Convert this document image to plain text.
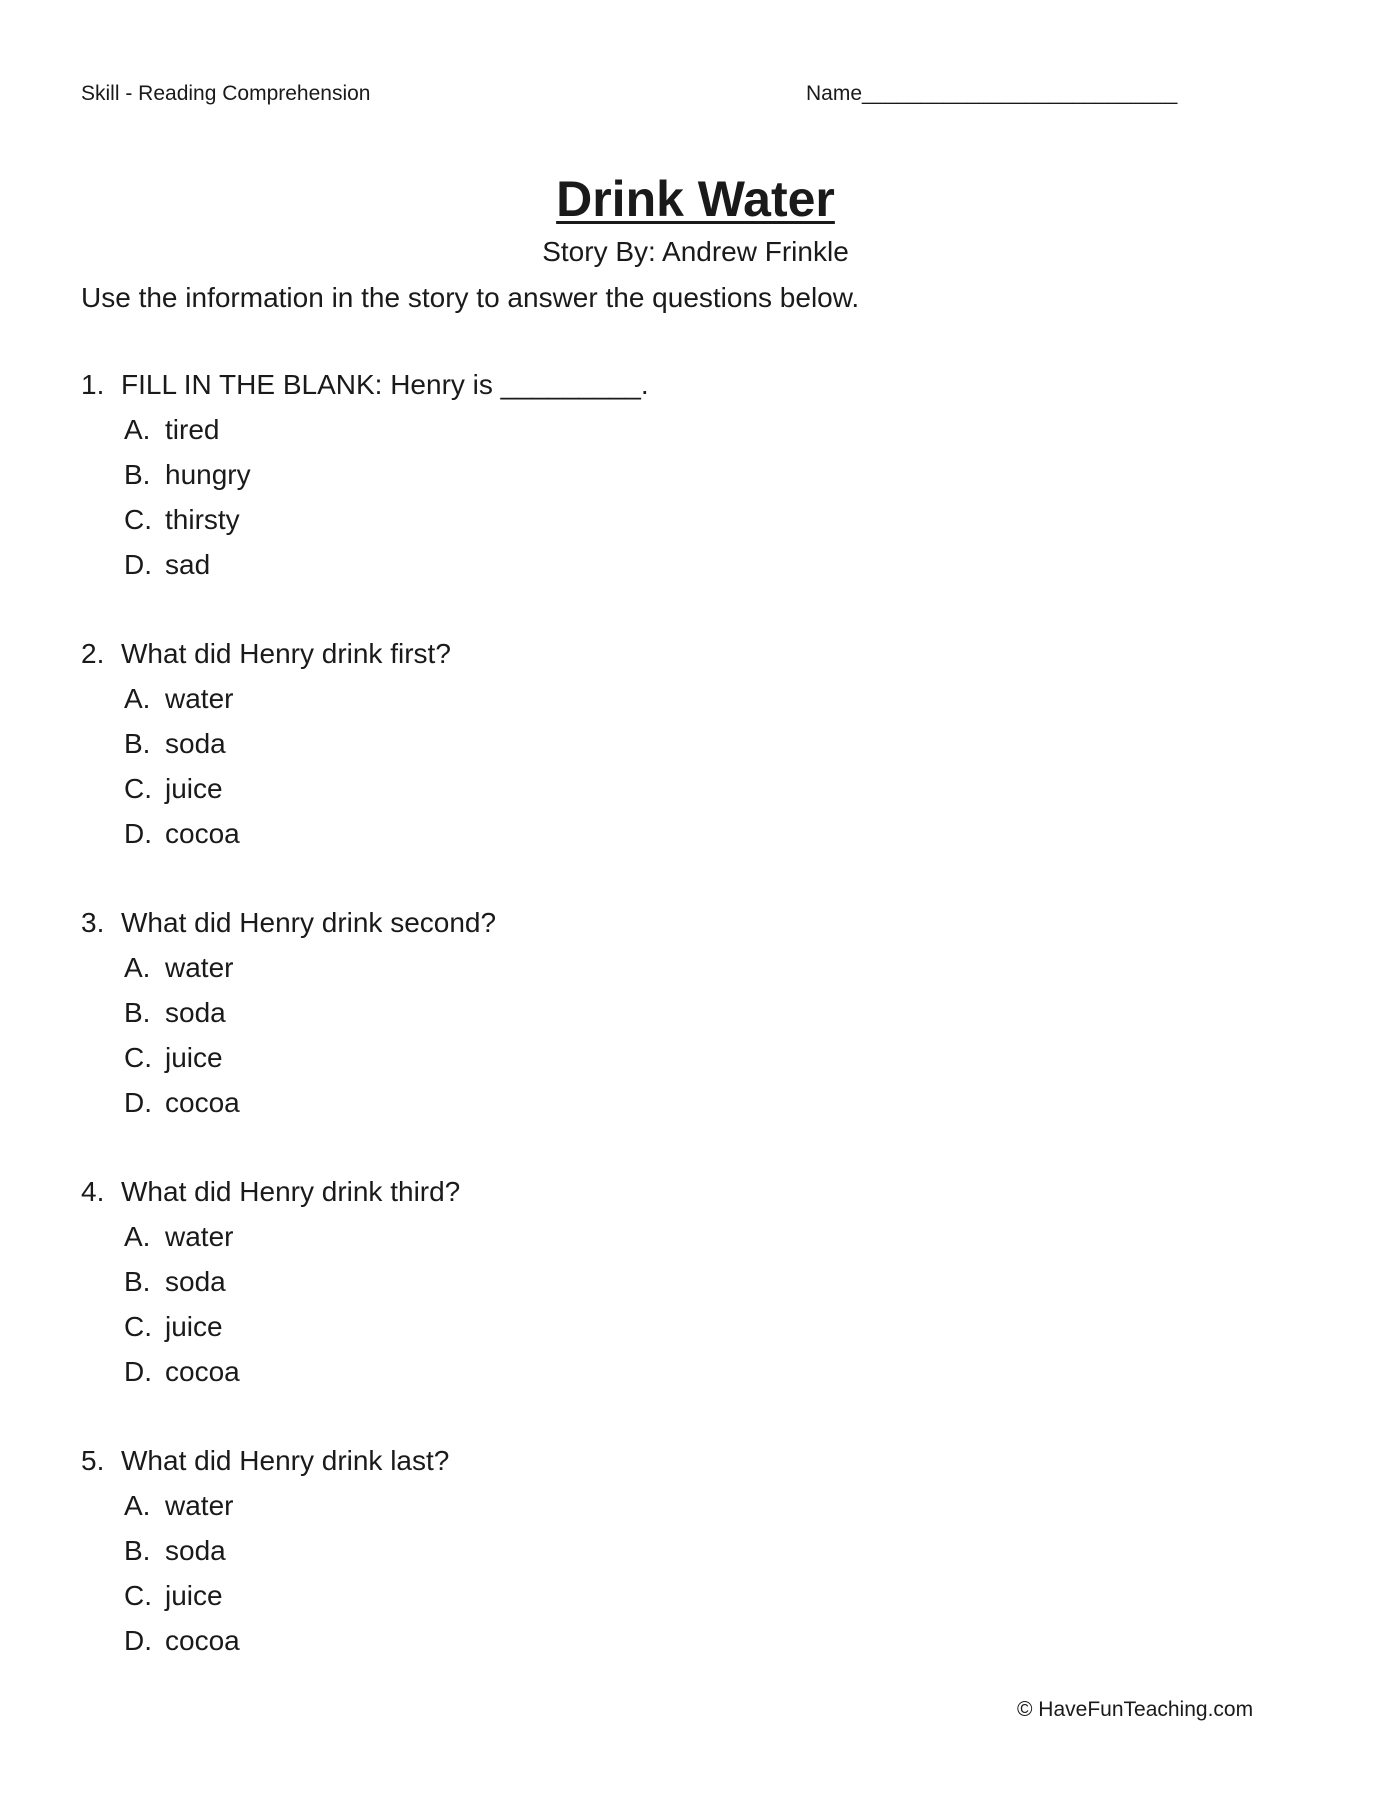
Skill - Reading Comprehension	Name___________________________
Drink Water
Story By: Andrew Frinkle
Use the information in the story to answer the questions below.
1. FILL IN THE BLANK: Henry is _________.
A. tired
B. hungry
C. thirsty
D. sad
2. What did Henry drink first?
A. water
B. soda
C. juice
D. cocoa
3. What did Henry drink second?
A. water
B. soda
C. juice
D. cocoa
4. What did Henry drink third?
A. water
B. soda
C. juice
D. cocoa
5. What did Henry drink last?
A. water
B. soda
C. juice
D. cocoa
© HaveFunTeaching.com
